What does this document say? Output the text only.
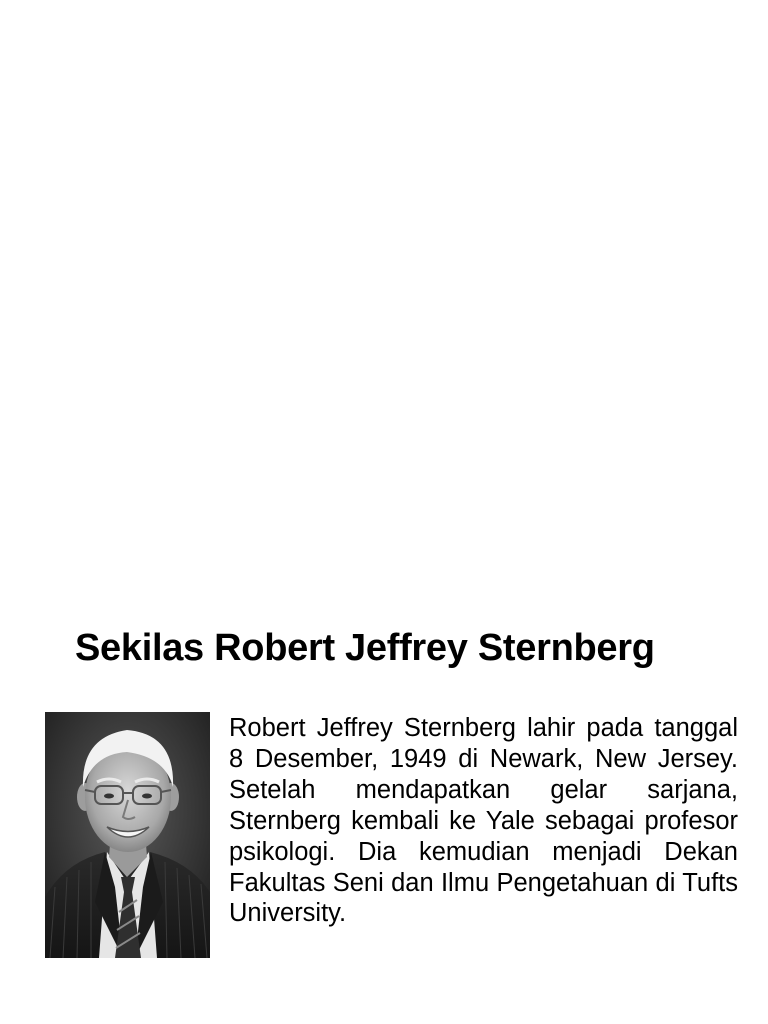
Sekilas Robert Jeffrey Sternberg
Robert Jeffrey Sternberg lahir pada tanggal 8 Desember, 1949 di Newark, New Jersey. Setelah mendapatkan gelar sarjana, Sternberg kembali ke Yale sebagai profesor psikologi. Dia kemudian menjadi Dekan Fakultas Seni dan Ilmu Pengetahuan di Tufts University.
